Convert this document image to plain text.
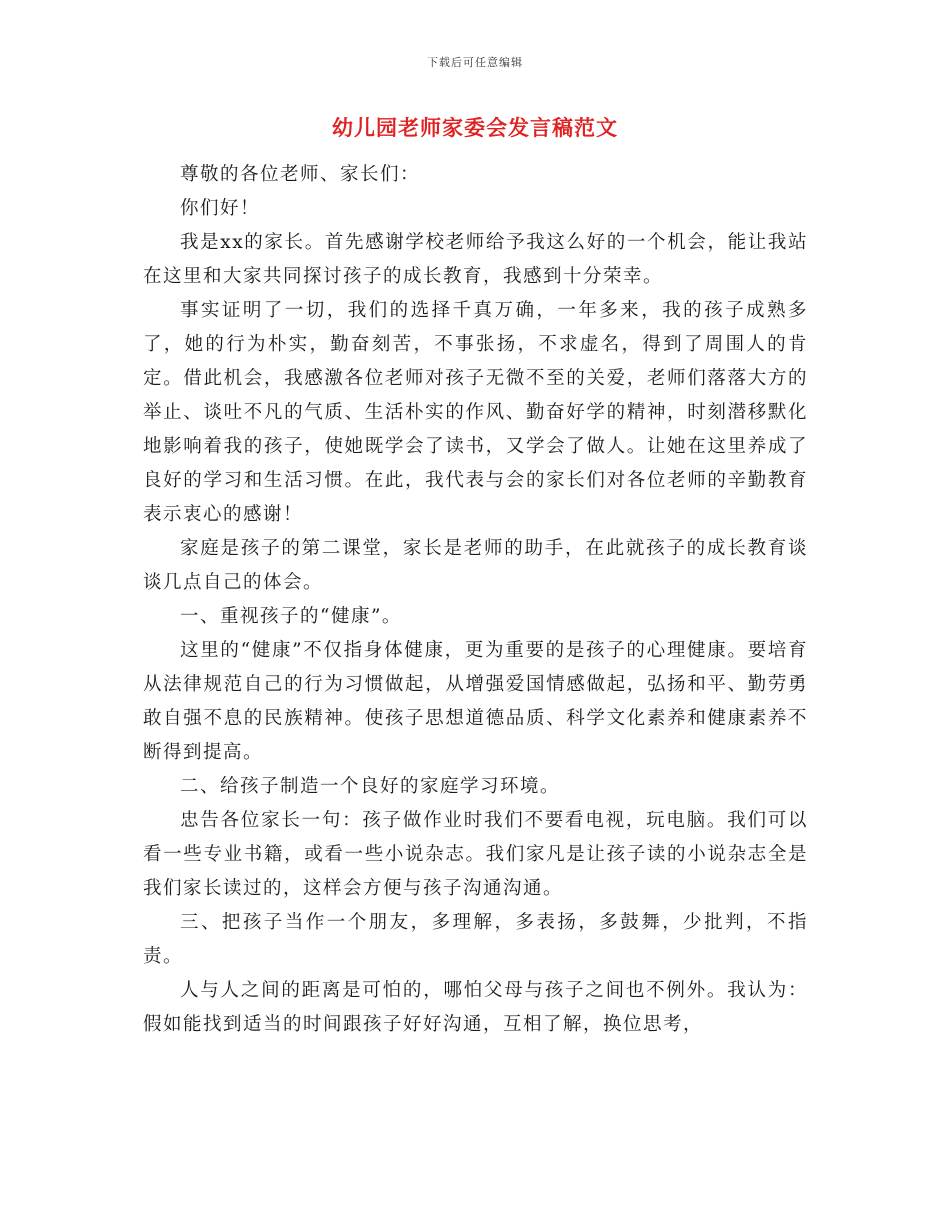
下载后可任意编辑
幼儿园老师家委会发言稿范文

尊敬的各位老师、家长们：

你们好！

我是xx的家长。首先感谢学校老师给予我这么好的一个机会，能让我站在这里和大家共同探讨孩子的成长教育，我感到十分荣幸。

事实证明了一切，我们的选择千真万确，一年多来，我的孩子成熟多了，她的行为朴实，勤奋刻苦，不事张扬，不求虚名，得到了周围人的肯定。借此机会，我感激各位老师对孩子无微不至的关爱，老师们落落大方的举止、谈吐不凡的气质、生活朴实的作风、勤奋好学的精神，时刻潜移默化地影响着我的孩子，使她既学会了读书，又学会了做人。让她在这里养成了良好的学习和生活习惯。在此，我代表与会的家长们对各位老师的辛勤教育表示衷心的感谢！

家庭是孩子的第二课堂，家长是老师的助手，在此就孩子的成长教育谈谈几点自己的体会。

一、重视孩子的“健康”。

这里的“健康”不仅指身体健康，更为重要的是孩子的心理健康。要培育从法律规范自己的行为习惯做起，从增强爱国情感做起，弘扬和平、勤劳勇敢自强不息的民族精神。使孩子思想道德品质、科学文化素养和健康素养不断得到提高。

二、给孩子制造一个良好的家庭学习环境。

忠告各位家长一句：孩子做作业时我们不要看电视，玩电脑。我们可以看一些专业书籍，或看一些小说杂志。我们家凡是让孩子读的小说杂志全是我们家长读过的，这样会方便与孩子沟通沟通。

三、把孩子当作一个朋友，多理解，多表扬，多鼓舞，少批判，不指责。

人与人之间的距离是可怕的，哪怕父母与孩子之间也不例外。我认为：假如能找到适当的时间跟孩子好好沟通，互相了解，换位思考，
